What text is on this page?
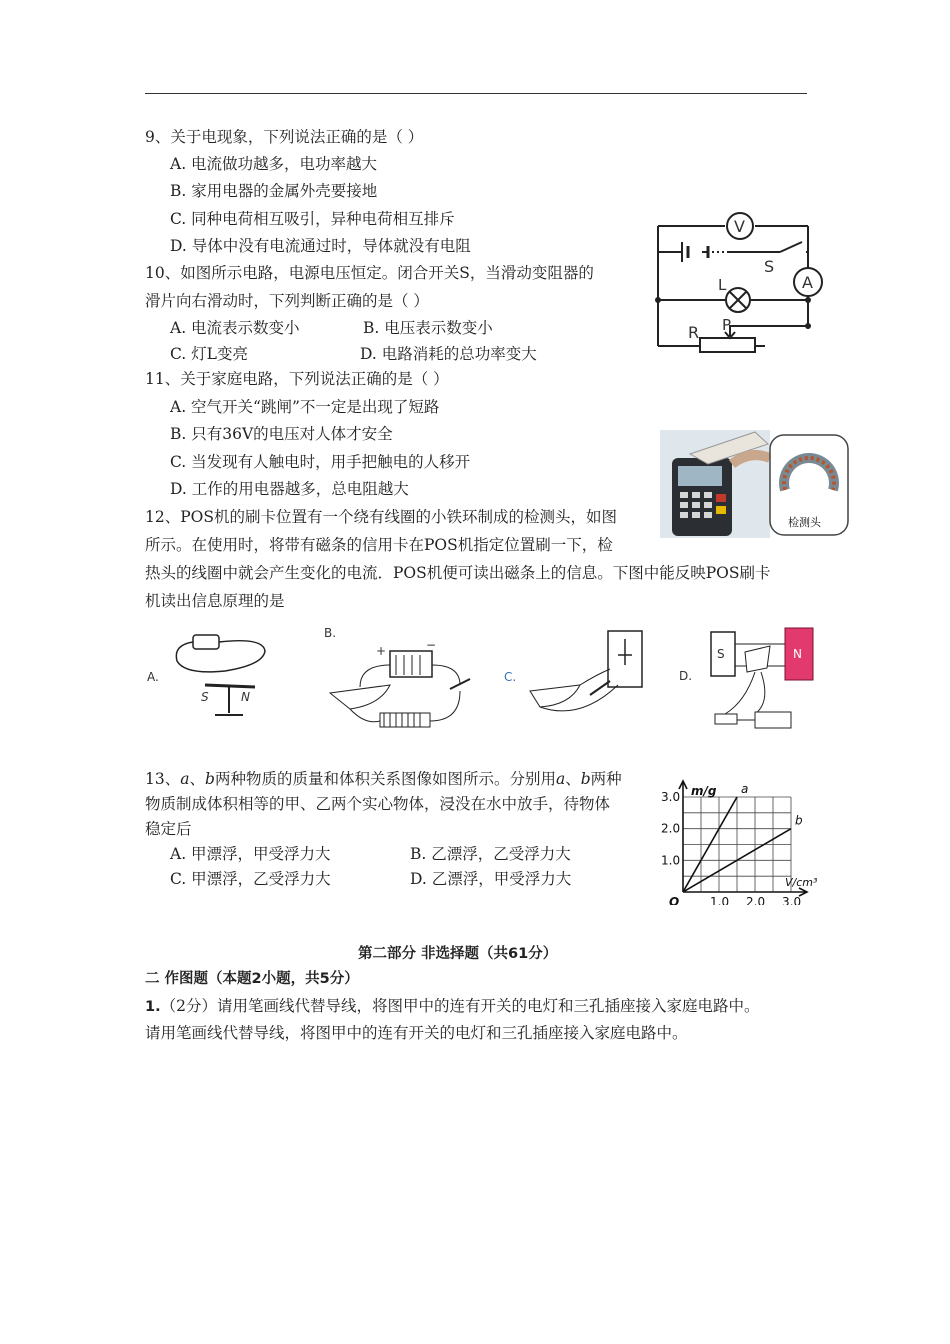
9、关于电现象，下列说法正确的是（ ）
A. 电流做功越多，电功率越大
B. 家用电器的金属外壳要接地
C. 同种电荷相互吸引，异种电荷相互排斥
D. 导体中没有电流通过时，导体就没有电阻
10、如图所示电路，电源电压恒定。闭合开关S，当滑动变阻器的
滑片向右滑动时，下列判断正确的是（ ）
A. 电流表示数变小	B. 电压表示数变小
C. 灯L变亮	D. 电路消耗的总功率变大
V
A
S
L
R P
11、关于家庭电路，下列说法正确的是（ ）
A. 空气开关“跳闸”不一定是出现了短路
B. 只有36V的电压对人体才安全
C. 当发现有人触电时，用手把触电的人移开
D. 工作的用电器越多，总电阻越大
检测头
12、POS机的刷卡位置有一个绕有线圈的小铁环制成的检测头，如图
所示。在使用时，将带有磁条的信用卡在POS机指定位置刷一下，检
热头的线圈中就会产生变化的电流．POS机便可读出磁条上的信息。下图中能反映POS刷卡
机读出信息原理的是
A.
S	N
B.
+	−
C.	D.
S	N
13、a、b两种物质的质量和体积关系图像如图所示。分别用a、b两种
物质制成体积相等的甲、乙两个实心物体，浸没在水中放手，待物体
稳定后
A. 甲漂浮，甲受浮力大	B. 乙漂浮，乙受浮力大
C. 甲漂浮，乙受浮力大	D. 乙漂浮，甲受浮力大
a
b
1.0 2.0 3.0
1.0
2.0
3.0
O
m/g
V/cm³
第二部分 非选择题（共61分）
二 作图题（本题2小题，共5分）
1.（2分）请用笔画线代替导线，将图甲中的连有开关的电灯和三孔插座接入家庭电路中。
请用笔画线代替导线，将图甲中的连有开关的电灯和三孔插座接入家庭电路中。
